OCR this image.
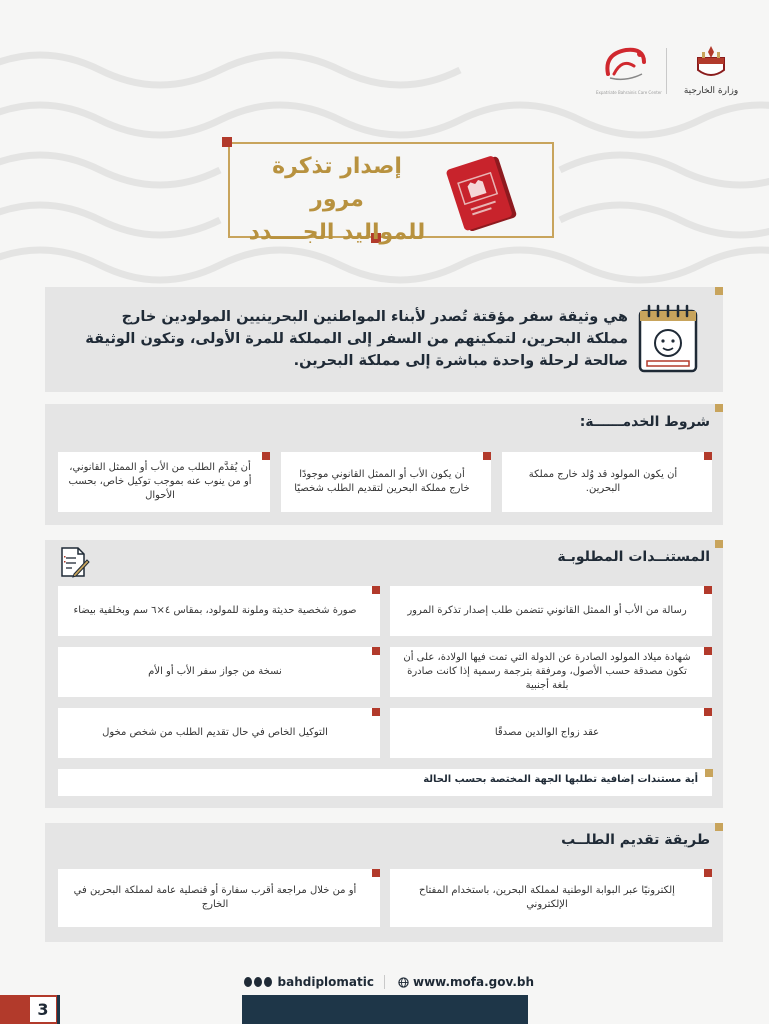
وزارة الخارجية
Expatriate Bahrainis Care Center
إصدار تذكرة مرور
للمواليد الجــــدد
هي وثيقة سفر مؤقتة تُصدر لأبناء المواطنين البحرينيين المولودين خارج مملكة البحرين، لتمكينهم من السفر إلى المملكة للمرة الأولى، وتكون الوثيقة صالحة لرحلة واحدة مباشرة إلى مملكة البحرين.
شروط الخدمــــــة:
أن يكون المولود قد وُلد خارج مملكة البحرين.
أن يكون الأب أو الممثل القانوني موجودًا خارج مملكة البحرين لتقديم الطلب شخصيًا
أن يُقدَّم الطلب من الأب أو الممثل القانوني، أو من ينوب عنه بموجب توكيل خاص، بحسب الأحوال
المستنــدات المطلوبـة
رسالة من الأب أو الممثل القانوني تتضمن طلب إصدار تذكرة المرور
صورة شخصية حديثة وملونة للمولود، بمقاس ٤×٦ سم وبخلفية بيضاء
شهادة ميلاد المولود الصادرة عن الدولة التي تمت فيها الولادة، على أن تكون مصدقة حسب الأصول، ومرفقة بترجمة رسمية إذا كانت صادرة بلغة أجنبية
نسخة من جواز سفر الأب أو الأم
عقد زواج الوالدين مصدقًا
التوكيل الخاص في حال تقديم الطلب من شخص مخول
أية مستندات إضافية تطلبها الجهة المختصة بحسب الحالة
طريقة تقديم الطلــب
إلكترونيًا عبر البوابة الوطنية لمملكة البحرين، باستخدام المفتاح الإلكتروني
أو من خلال مراجعة أقرب سفارة أو قنصلية عامة لمملكة البحرين في الخارج
bahdiplomatic	www.mofa.gov.bh
3
